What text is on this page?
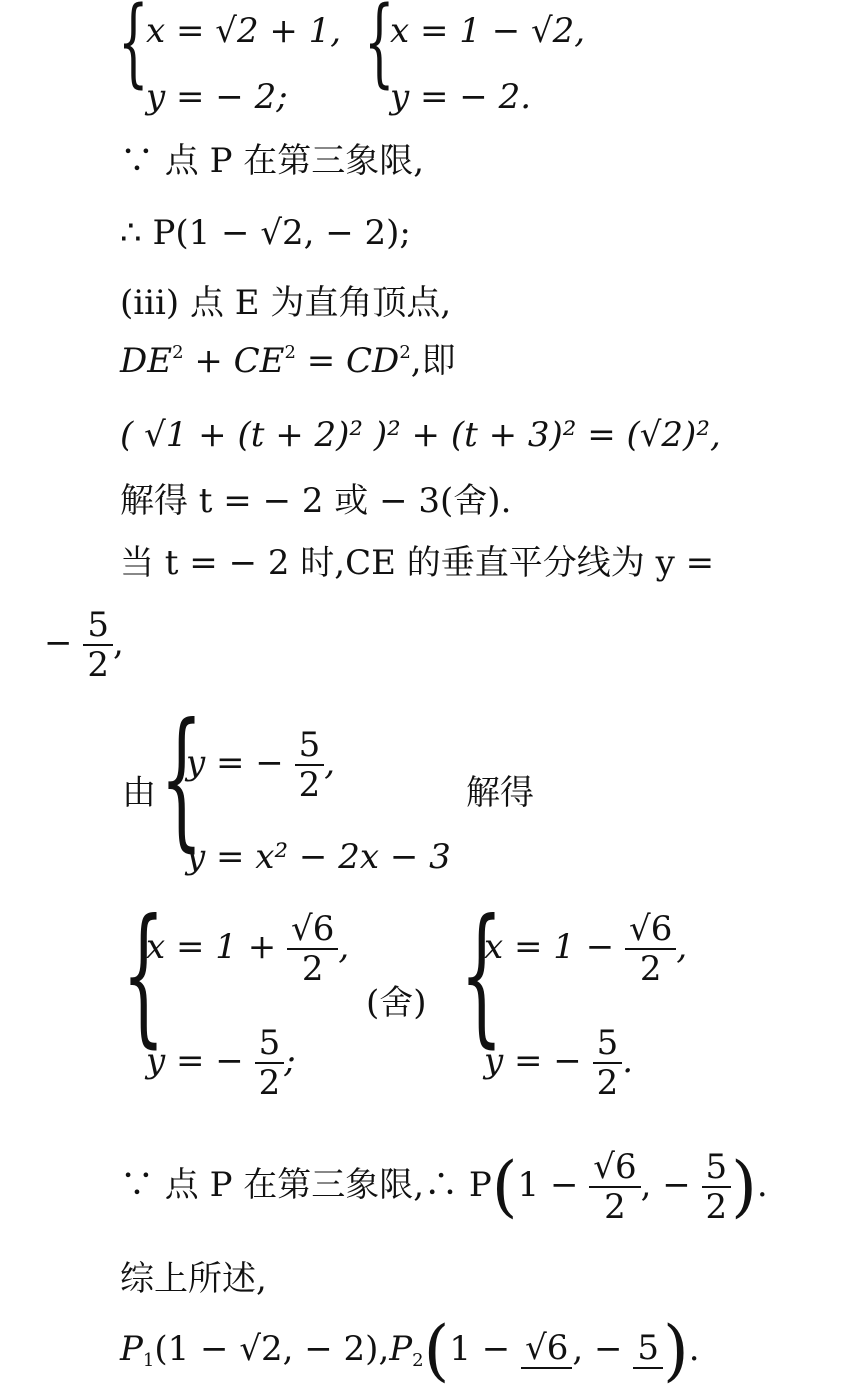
{
x = √2 + 1,
y = − 2; {
x = 1 − √2,
y = − 2.
∵ 点 P 在第三象限,
∴ P(1 − √2, − 2);
(iii) 点 E 为直角顶点,
$DE^2 + CE^2 = CD^2$,即
( √1 + (t + 2)² )² + (t + 3)² = (√2)²,
解得 t = − 2 或 − 3(舍).
当 t = − 2 时,CE 的垂直平分线为 y =
− $\frac{5}{2}$ ,
由 {
y = − $\frac{5}{2}$ ,
解得
y = x² − 2x − 3
{
$x = 1 + \frac{√6}{2}$ ,
y = − $\frac{5}{2}$ ;
(舍) {
$x = 1 - \frac{√6}{2}$ ,
y = − $\frac{5}{2}$ .
∵ 点 P 在第三象限,∴ $P(1 - \frac{√6}{2}$ , − $\frac{5}{2}$ ).
综上所述,
$P_1(1 - √2$, − $2),P_2(1 - √6$ , − 5 ).
